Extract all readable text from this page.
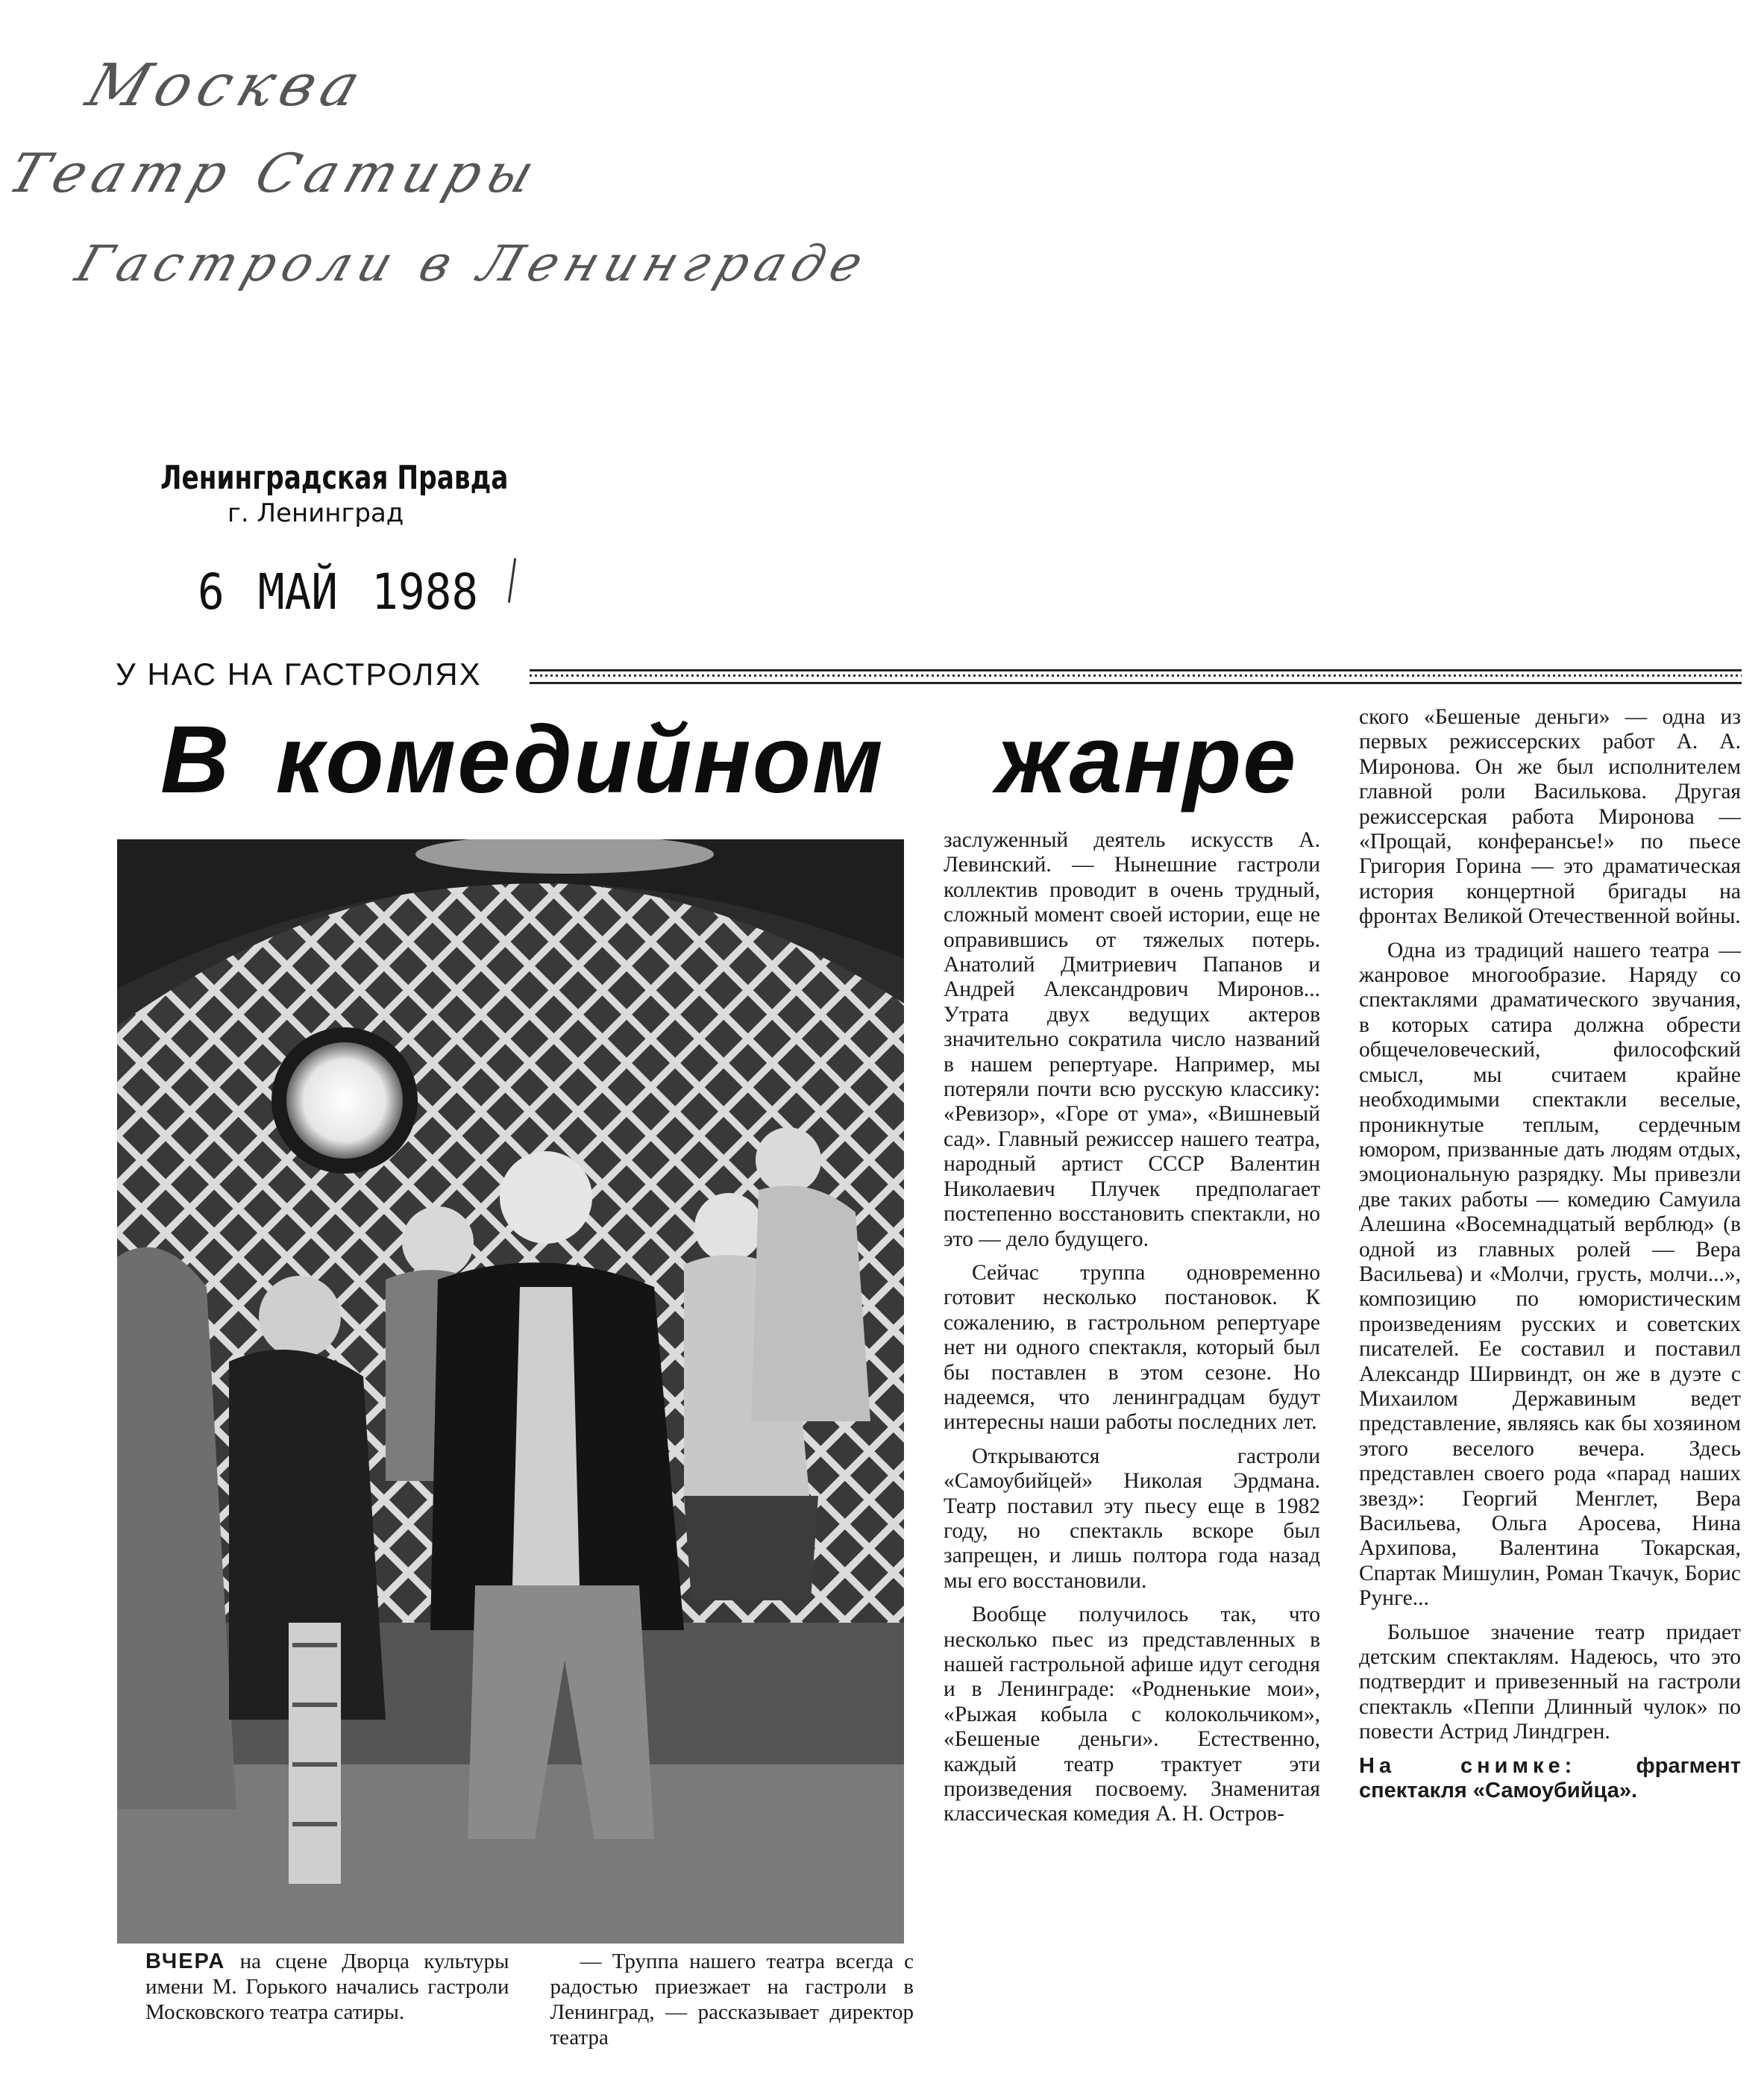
Москва
Театр Сатиры
Гастроли в Ленинграде
Ленинградская Правда
г. Ленинград
6 МАЙ 1988
У НАС НА ГАСТРОЛЯХ
В комедийном жанре

заслуженный деятель искусств А. Левинский. — Нынешние гастроли коллектив проводит в очень трудный, сложный момент своей истории, еще не оправившись от тяжелых потерь. Анатолий Дмитриевич Папанов и Андрей Александрович Миронов... Утрата двух ведущих актеров значительно сократила число названий в нашем репертуаре. Например, мы потеряли почти всю русскую классику: «Ревизор», «Горе от ума», «Вишневый сад». Главный режиссер нашего театра, народный артист СССР Валентин Николаевич Плучек предполагает постепенно восстановить спектакли, но это — дело будущего.

Сейчас труппа одновременно готовит несколько постановок. К сожалению, в гастрольном репертуаре нет ни одного спектакля, который был бы поставлен в этом сезоне. Но надеемся, что ленинградцам будут интересны наши работы последних лет.

Открываются гастроли «Самоубийцей» Николая Эрдмана. Театр поставил эту пьесу еще в 1982 году, но спектакль вскоре был запрещен, и лишь полтора года назад мы его восстановили.

Вообще получилось так, что несколько пьес из представленных в нашей гастрольной афише идут сегодня и в Ленинграде: «Родненькие мои», «Рыжая кобыла с колокольчиком», «Бешеные деньги». Естественно, каждый театр трактует эти произведения посвоему. Знаменитая классическая комедия А. Н. Остров-

ского «Бешеные деньги» — одна из первых режиссерских работ А. А. Миронова. Он же был исполнителем главной роли Василькова. Другая режиссерская работа Миронова — «Прощай, конферансье!» по пьесе Григория Горина — это драматическая история концертной бригады на фронтах Великой Отечественной войны.

Одна из традиций нашего театра — жанровое многообразие. Наряду со спектаклями драматического звучания, в которых сатира должна обрести общечеловеческий, философский смысл, мы считаем крайне необходимыми спектакли веселые, проникнутые теплым, сердечным юмором, призванные дать людям отдых, эмоциональную разрядку. Мы привезли две таких работы — комедию Самуила Алешина «Восемнадцатый верблюд» (в одной из главных ролей — Вера Васильева) и «Молчи, грусть, молчи...», композицию по юмористическим произведениям русских и советских писателей. Ее составил и поставил Александр Ширвиндт, он же в дуэте с Михаилом Державиным ведет представление, являясь как бы хозяином этого веселого вечера. Здесь представлен своего рода «парад наших звезд»: Георгий Менглет, Вера Васильева, Ольга Аросева, Нина Архипова, Валентина Токарская, Спартак Мишулин, Роман Ткачук, Борис Рунге...

Большое значение театр придает детским спектаклям. Надеюсь, что это подтвердит и привезенный на гастроли спектакль «Пеппи Длинный чулок» по повести Астрид Линдгрен.

На снимке:	фрагмент спектакля «Самоубийца».

ВЧЕРА на сцене Дворца культуры имени М. Горького начались гастроли Московского театра сатиры.

— Труппа нашего театра всегда с радостью приезжает на гастроли в Ленинград, — рассказывает директор театра
